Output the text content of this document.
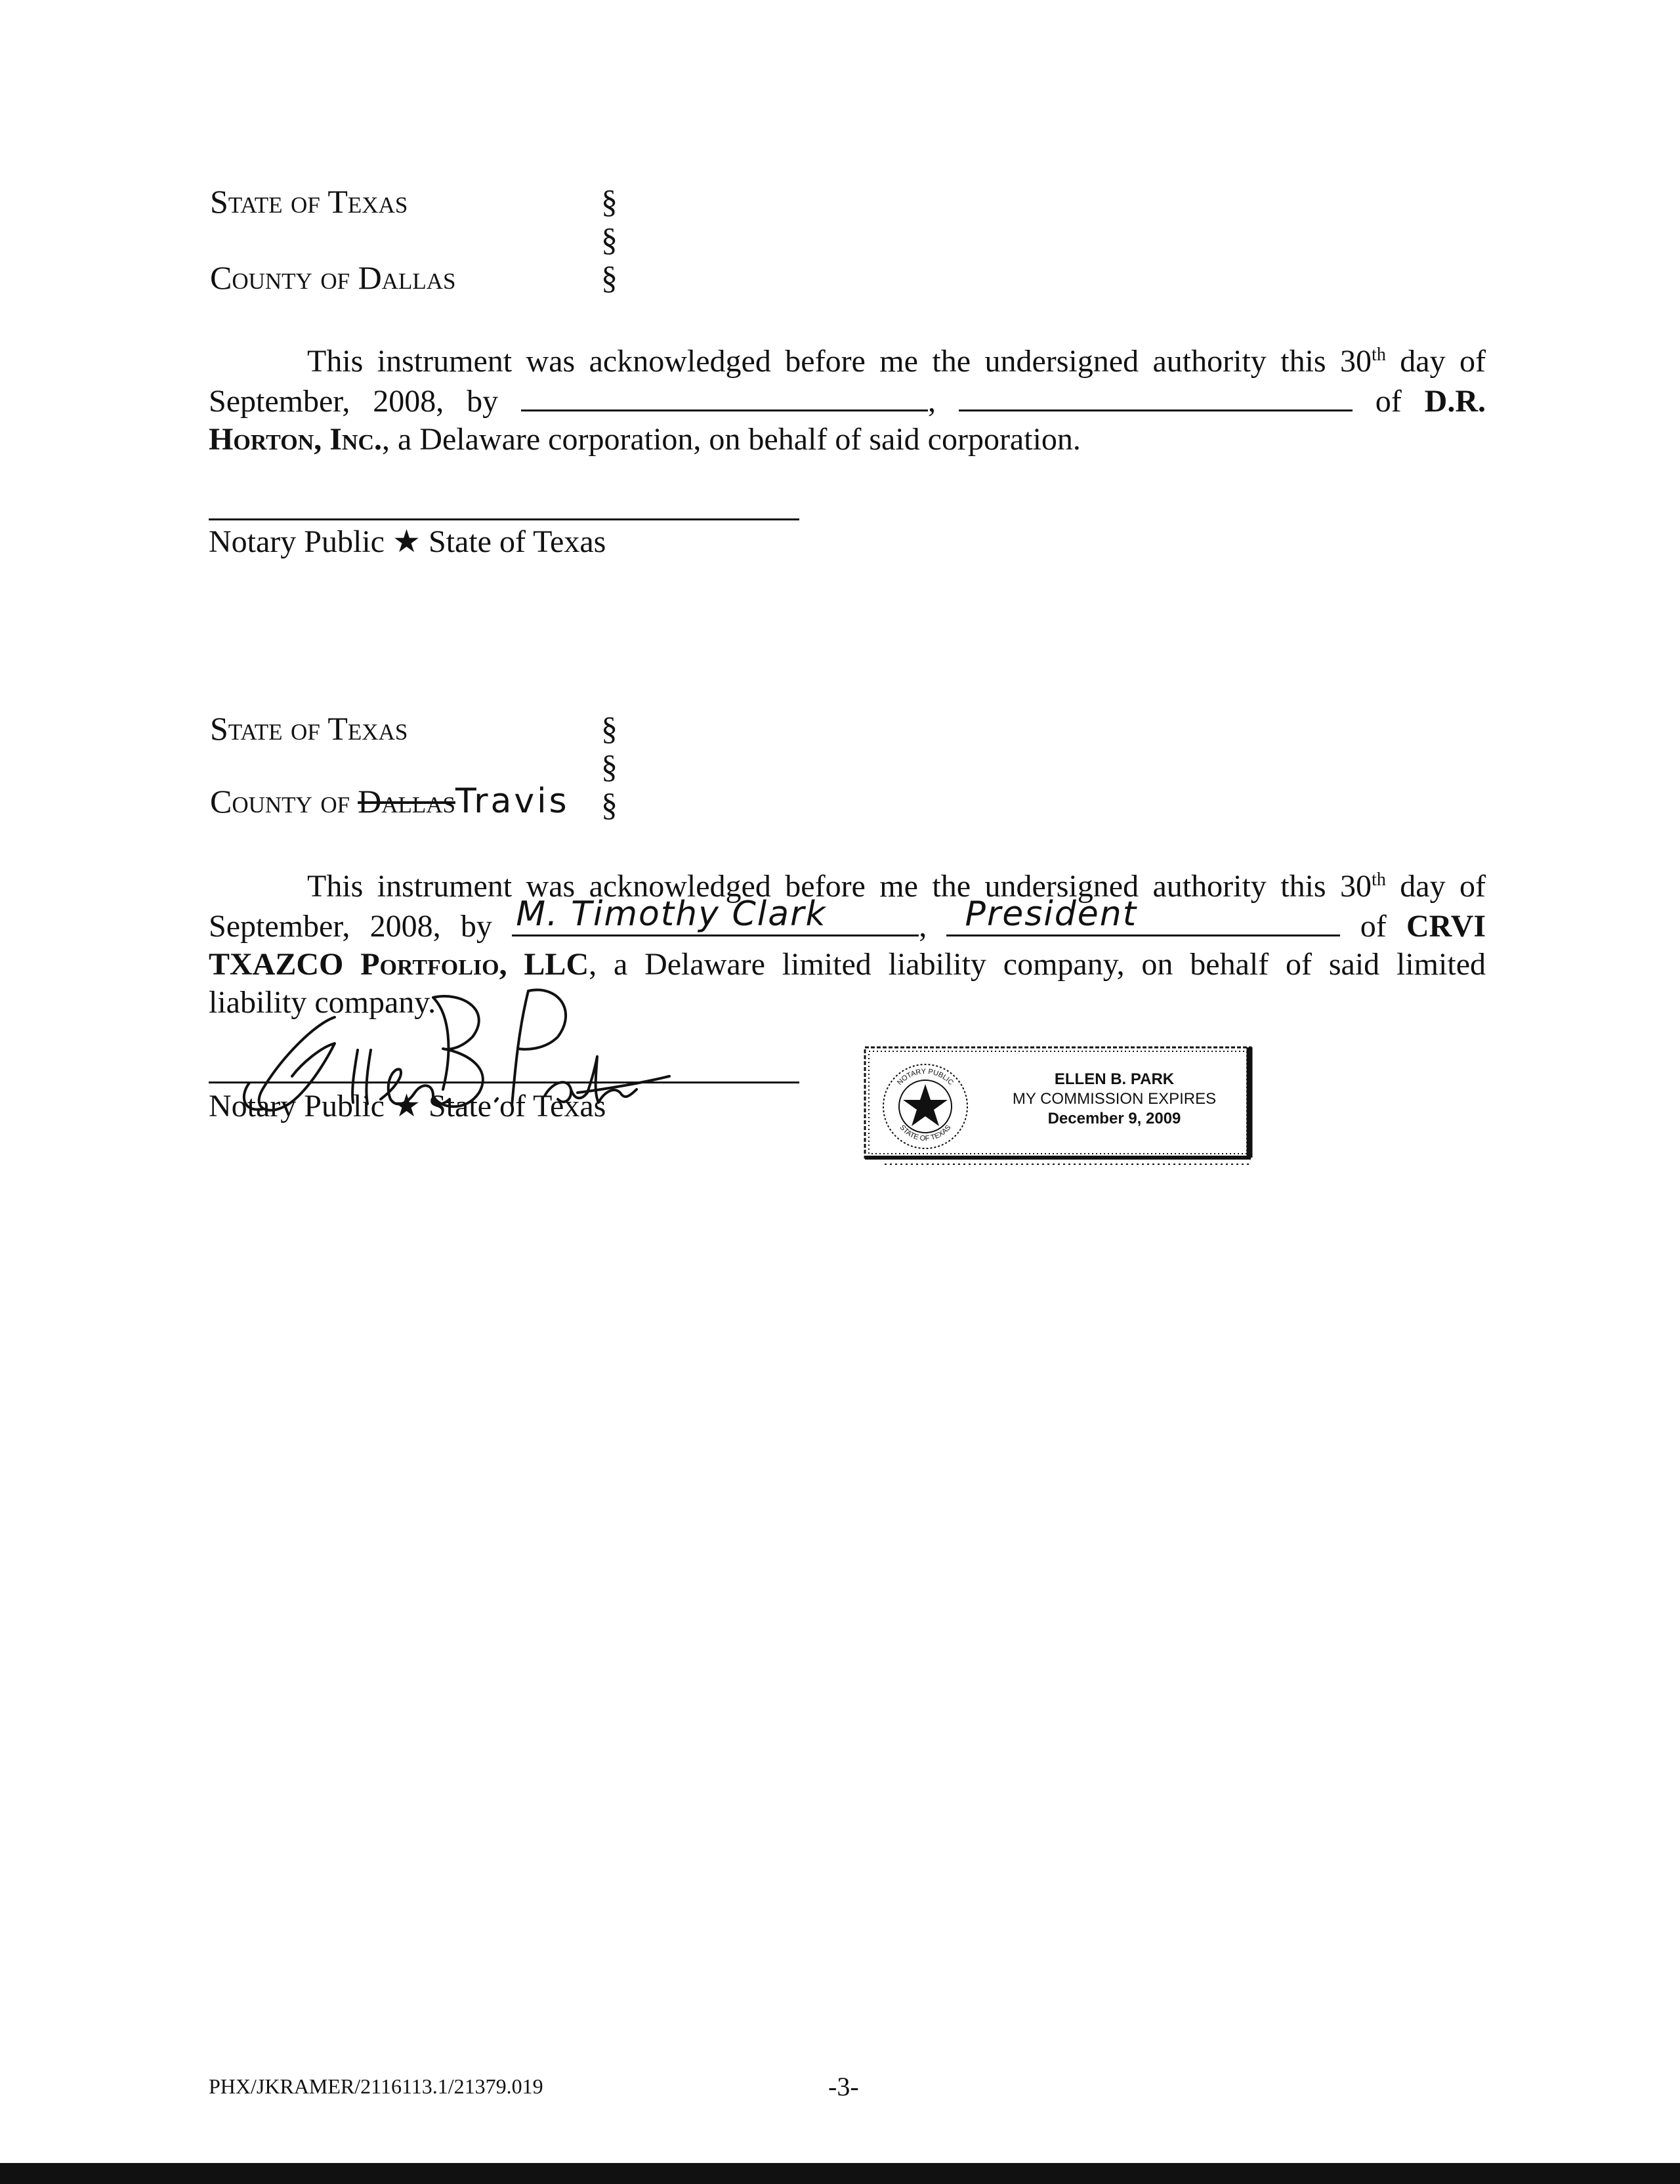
State of Texas	§
§
County of Dallas	§
This instrument was acknowledged before me the undersigned authority this 30th day of
September, 2008, by	,	of D.R.
Horton, Inc., a Delaware corporation, on behalf of said corporation.
Notary Public ★ State of Texas
State of Texas	§
§
County of DallasTravis §
This instrument was acknowledged before me the undersigned authority this 30th day of
September, 2008, by M. Timothy Clark	, President	of CRVI
TXAZCO Portfolio, LLC, a Delaware limited liability company, on behalf of said limited
liability company.
Notary Public ★ State of Texas
NOTARY PUBLIC
STATE OF TEXAS
ELLEN B. PARK
MY COMMISSION EXPIRES
December 9, 2009
PHX/JKRAMER/2116113.1/21379.019	-3-
